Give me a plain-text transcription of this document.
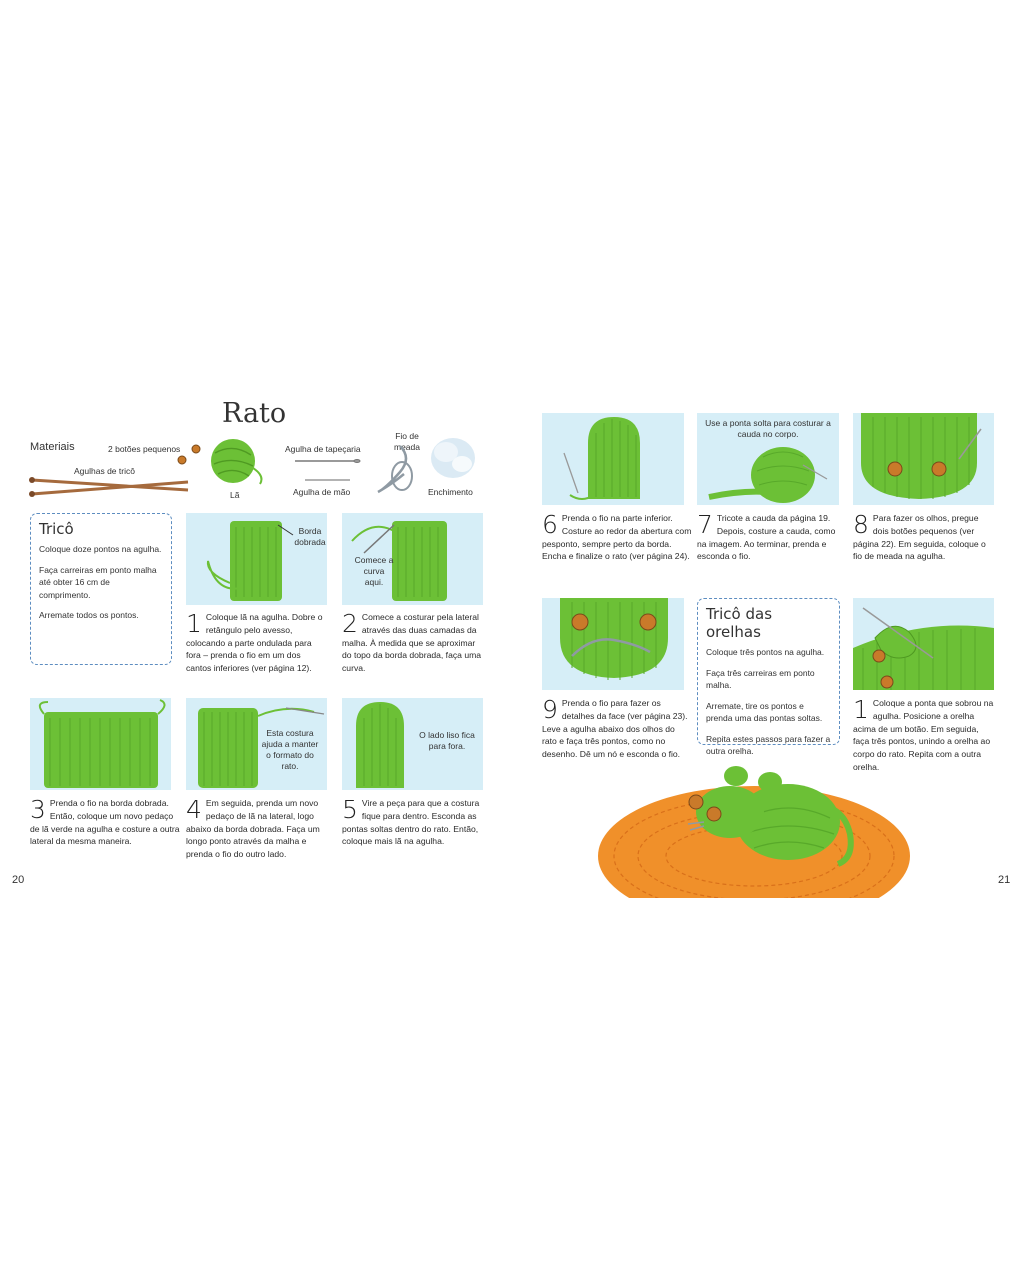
Rato
Materiais	2 botões pequenos
Agulhas de tricô
Lã
Agulha de tapeçaria
Agulha de mão
Fio de meada
Enchimento
Tricô

Coloque doze pontos na agulha.

Faça carreiras em ponto malha até obter 16 cm de comprimento.

Arremate todos os pontos.

Borda dobrada
1 Coloque lã na agulha. Dobre o retângulo pelo avesso, colocando a parte ondulada para fora – prenda o fio em um dos cantos inferiores (ver página 12).
Comece a curva aqui.
2 Comece a costurar pela lateral através das duas camadas da malha. À medida que se aproximar do topo da borda dobrada, faça uma curva.
3 Prenda o fio na borda dobrada. Então, coloque um novo pedaço de lã verde na agulha e costure a outra lateral da mesma maneira.
Esta costura ajuda a manter o formato do rato.
4 Em seguida, prenda um novo pedaço de lã na lateral, logo abaixo da borda dobrada. Faça um longo ponto através da malha e prenda o fio do outro lado.
O lado liso fica para fora.
5 Vire a peça para que a costura fique para dentro. Esconda as pontas soltas dentro do rato. Então, coloque mais lã na agulha.
20
6 Prenda o fio na parte inferior. Costure ao redor da abertura com pesponto, sempre perto da borda. Encha e finalize o rato (ver página 24).
Use a ponta solta para costurar a cauda no corpo.
7 Tricote a cauda da página 19. Depois, costure a cauda, como na imagem. Ao terminar, prenda e esconda o fio.
8 Para fazer os olhos, pregue dois botões pequenos (ver página 22). Em seguida, coloque o fio de meada na agulha.
9 Prenda o fio para fazer os detalhes da face (ver página 23). Leve a agulha abaixo dos olhos do rato e faça três pontos, como no desenho. Dê um nó e esconda o fio.
Tricô das orelhas

Coloque três pontos na agulha.

Faça três carreiras em ponto malha.

Arremate, tire os pontos e prenda uma das pontas soltas.

Repita estes passos para fazer a outra orelha.

1 Coloque a ponta que sobrou na agulha. Posicione a orelha acima de um botão. Em seguida, faça três pontos, unindo a orelha ao corpo do rato. Repita com a outra orelha.
21
